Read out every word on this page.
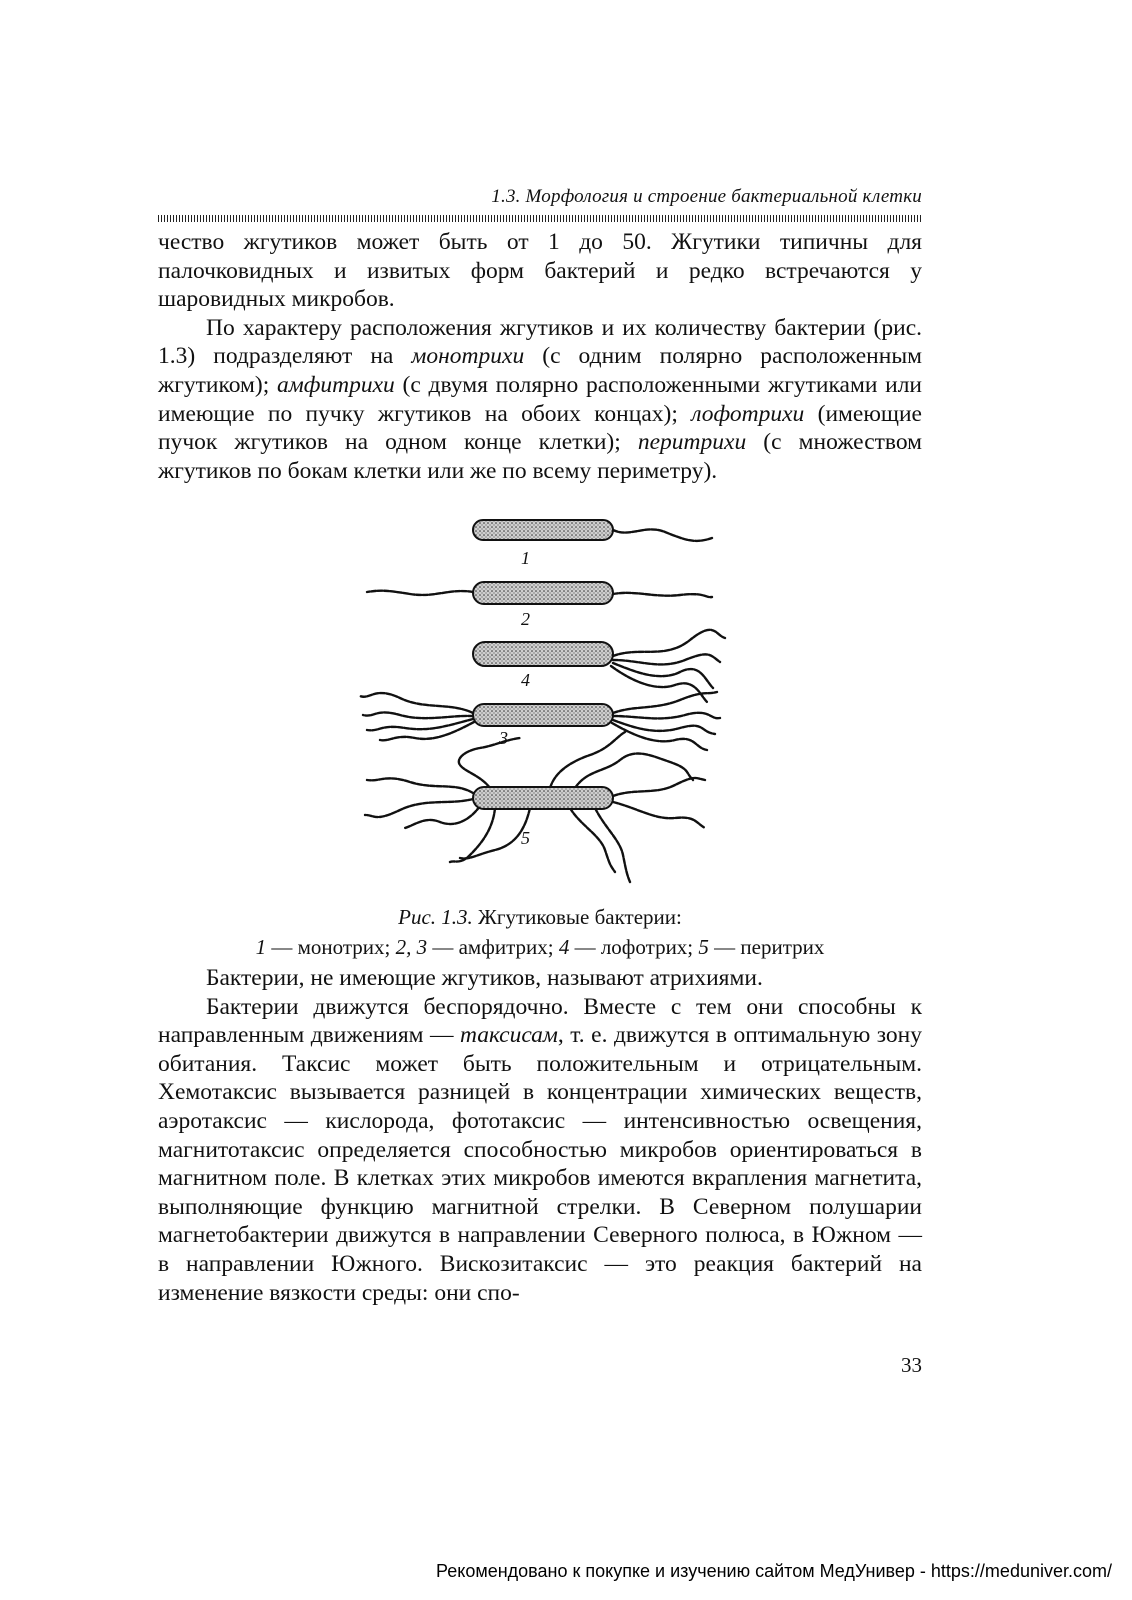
1.3. Морфология и строение бактериальной клетки

чество жгутиков может быть от 1 до 50. Жгутики типичны для палочковидных и извитых форм бактерий и редко встречаются у шаровидных микробов.

По характеру расположения жгутиков и их количеству бактерии (рис. 1.3) подразделяют на монотрихи (с одним полярно расположенным жгутиком); амфитрихи (с двумя полярно расположенными жгутиками или имеющие по пучку жгутиков на обоих концах); лофотрихи (имеющие пучок жгутиков на одном конце клетки); перитрихи (с множеством жгутиков по бокам клетки или же по всему периметру).

1
2
4
3
5
Рис. 1.3. Жгутиковые бактерии:
1 — монотрих; 2, 3 — амфитрих; 4 — лофотрих; 5 — перитрих

Бактерии, не имеющие жгутиков, называют атрихиями.

Бактерии движутся беспорядочно. Вместе с тем они способны к направленным движениям — таксисам, т. е. движутся в оптимальную зону обитания. Таксис может быть положительным и отрицательным. Хемотаксис вызывается разницей в концентрации химических веществ, аэротаксис — кислорода, фототаксис — интенсивностью освещения, магнитотаксис определяется способностью микробов ориентироваться в магнитном поле. В клетках этих микробов имеются вкрапления магнетита, выполняющие функцию магнитной стрелки. В Северном полушарии магнетобактерии движутся в направлении Северного полюса, в Южном — в направлении Южного. Вискозитаксис — это реакция бактерий на изменение вязкости среды: они спо-

33
Рекомендовано к покупке и изучению сайтом МедУнивер - https://meduniver.com/
